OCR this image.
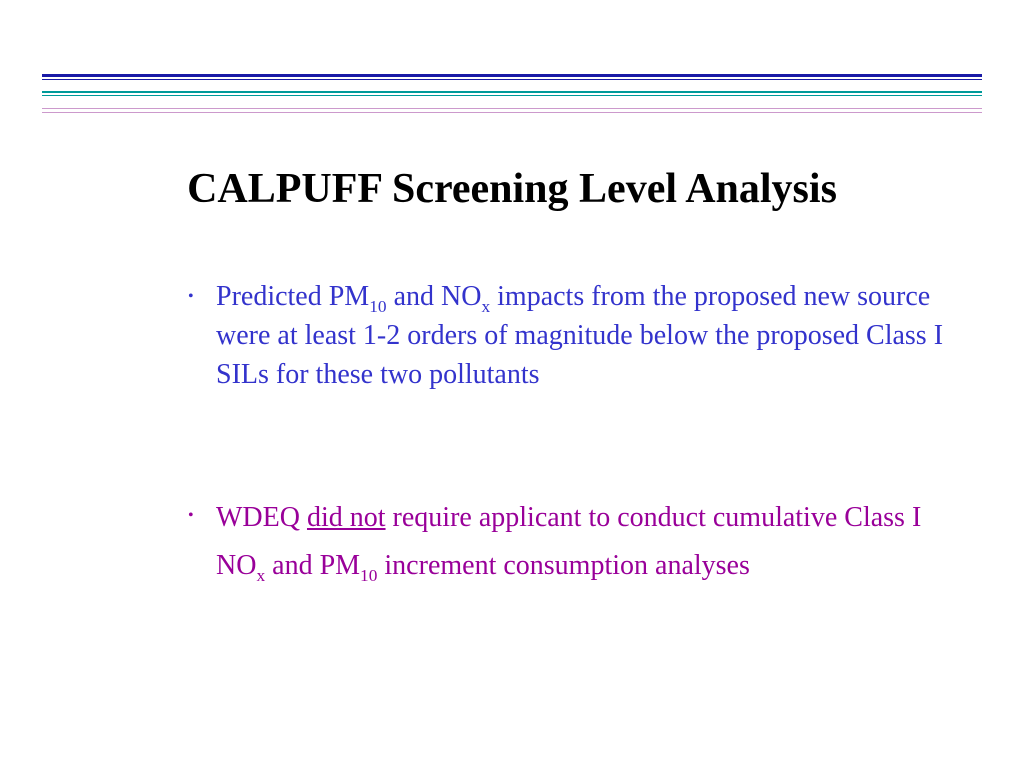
CALPUFF Screening Level Analysis
• Predicted $PM_{10}$ and $NO_x$ impacts from the proposed new source were at least 1-2 orders of magnitude below the proposed Class I SILs for these two pollutants
• WDEQ did not require applicant to conduct cumulative Class I $NO_x$ and $PM_{10}$ increment consumption analyses
